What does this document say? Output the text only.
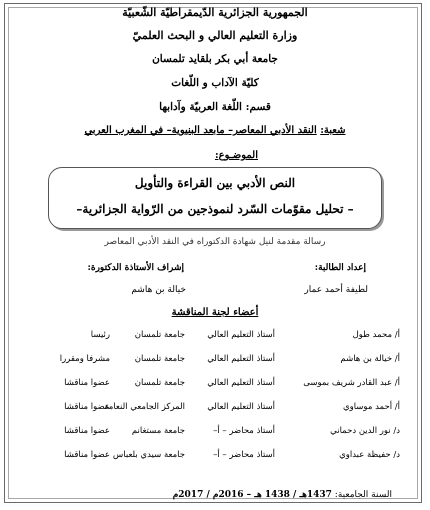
الجمهورية الجزائرية الدّيمقراطيّة الشّعبيّة
وزارة التعليم العالي و البحث العلميّ
جامعة أبي بكر بلقايد تلمسان
كليّة الآداب و اللّغات
قسم: اللّغة العربيّة وآدابها
شعبة: النقد الأدبي المعاصر– مابعد البنيوية– في المغرب العربي
الموضـوع:
النص الأدبي بين القراءة والتأويل
– تحليل مقوّمات السّرد لنموذجين من الرّواية الجزائرية–
رسالة مقدمة لنيل شهادة الدكتوراه في النقد الأدبي المعاصر
إعداد الطالبة:
لطيفة أحمد عمار
إشراف الأستاذة الدكتورة:
خيالة بن هاشم
أعضاء لجنة المناقشة
أ/ محمد طول
أستاذ التعليم العالي
جامعة تلمسان
رئيسا
أ/ خيالة بن هاشم
أستاذ التعليم العالي
جامعة تلمسان
مشرفا ومقررا
أ/ عبد القادر شريف بموسى
أستاذ التعليم العالي
جامعة تلمسان
عضوا مناقشا
أ/ أحمد موساوي
أستاذ التعليم العالي
المركز الجامعي النعامة
عضوا مناقشا
د/ نور الدين دحماني
أستاذ محاضر – أ–
جامعة مستغانم
عضوا مناقشا
د/ حفيظة عبداوي
أستاذ محاضر – أ–
جامعة سيدي بلعباس
عضوا مناقشا
السنة الجامعية: 1437هـ / 1438 هـ – 2016م / 2017م
